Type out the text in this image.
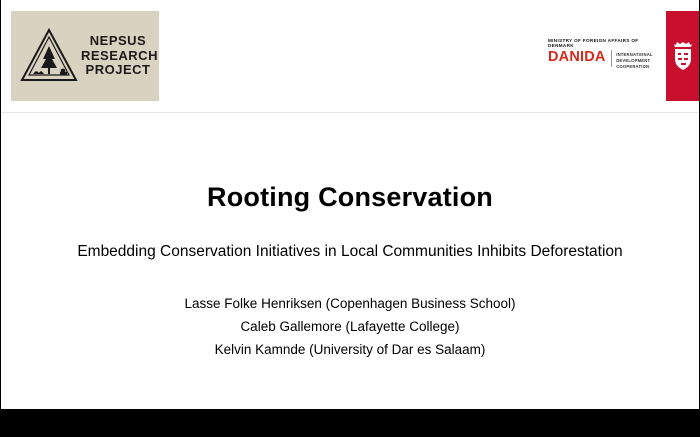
NEPSUS
RESEARCH
PROJECT
MINISTRY OF FOREIGN AFFAIRS OF DENMARK
DANIDA	INTERNATIONAL
DEVELOPMENT COOPERATION
Rooting Conservation
Embedding Conservation Initiatives in Local Communities Inhibits Deforestation
Lasse Folke Henriksen (Copenhagen Business School)
Caleb Gallemore (Lafayette College)
Kelvin Kamnde (University of Dar es Salaam)
